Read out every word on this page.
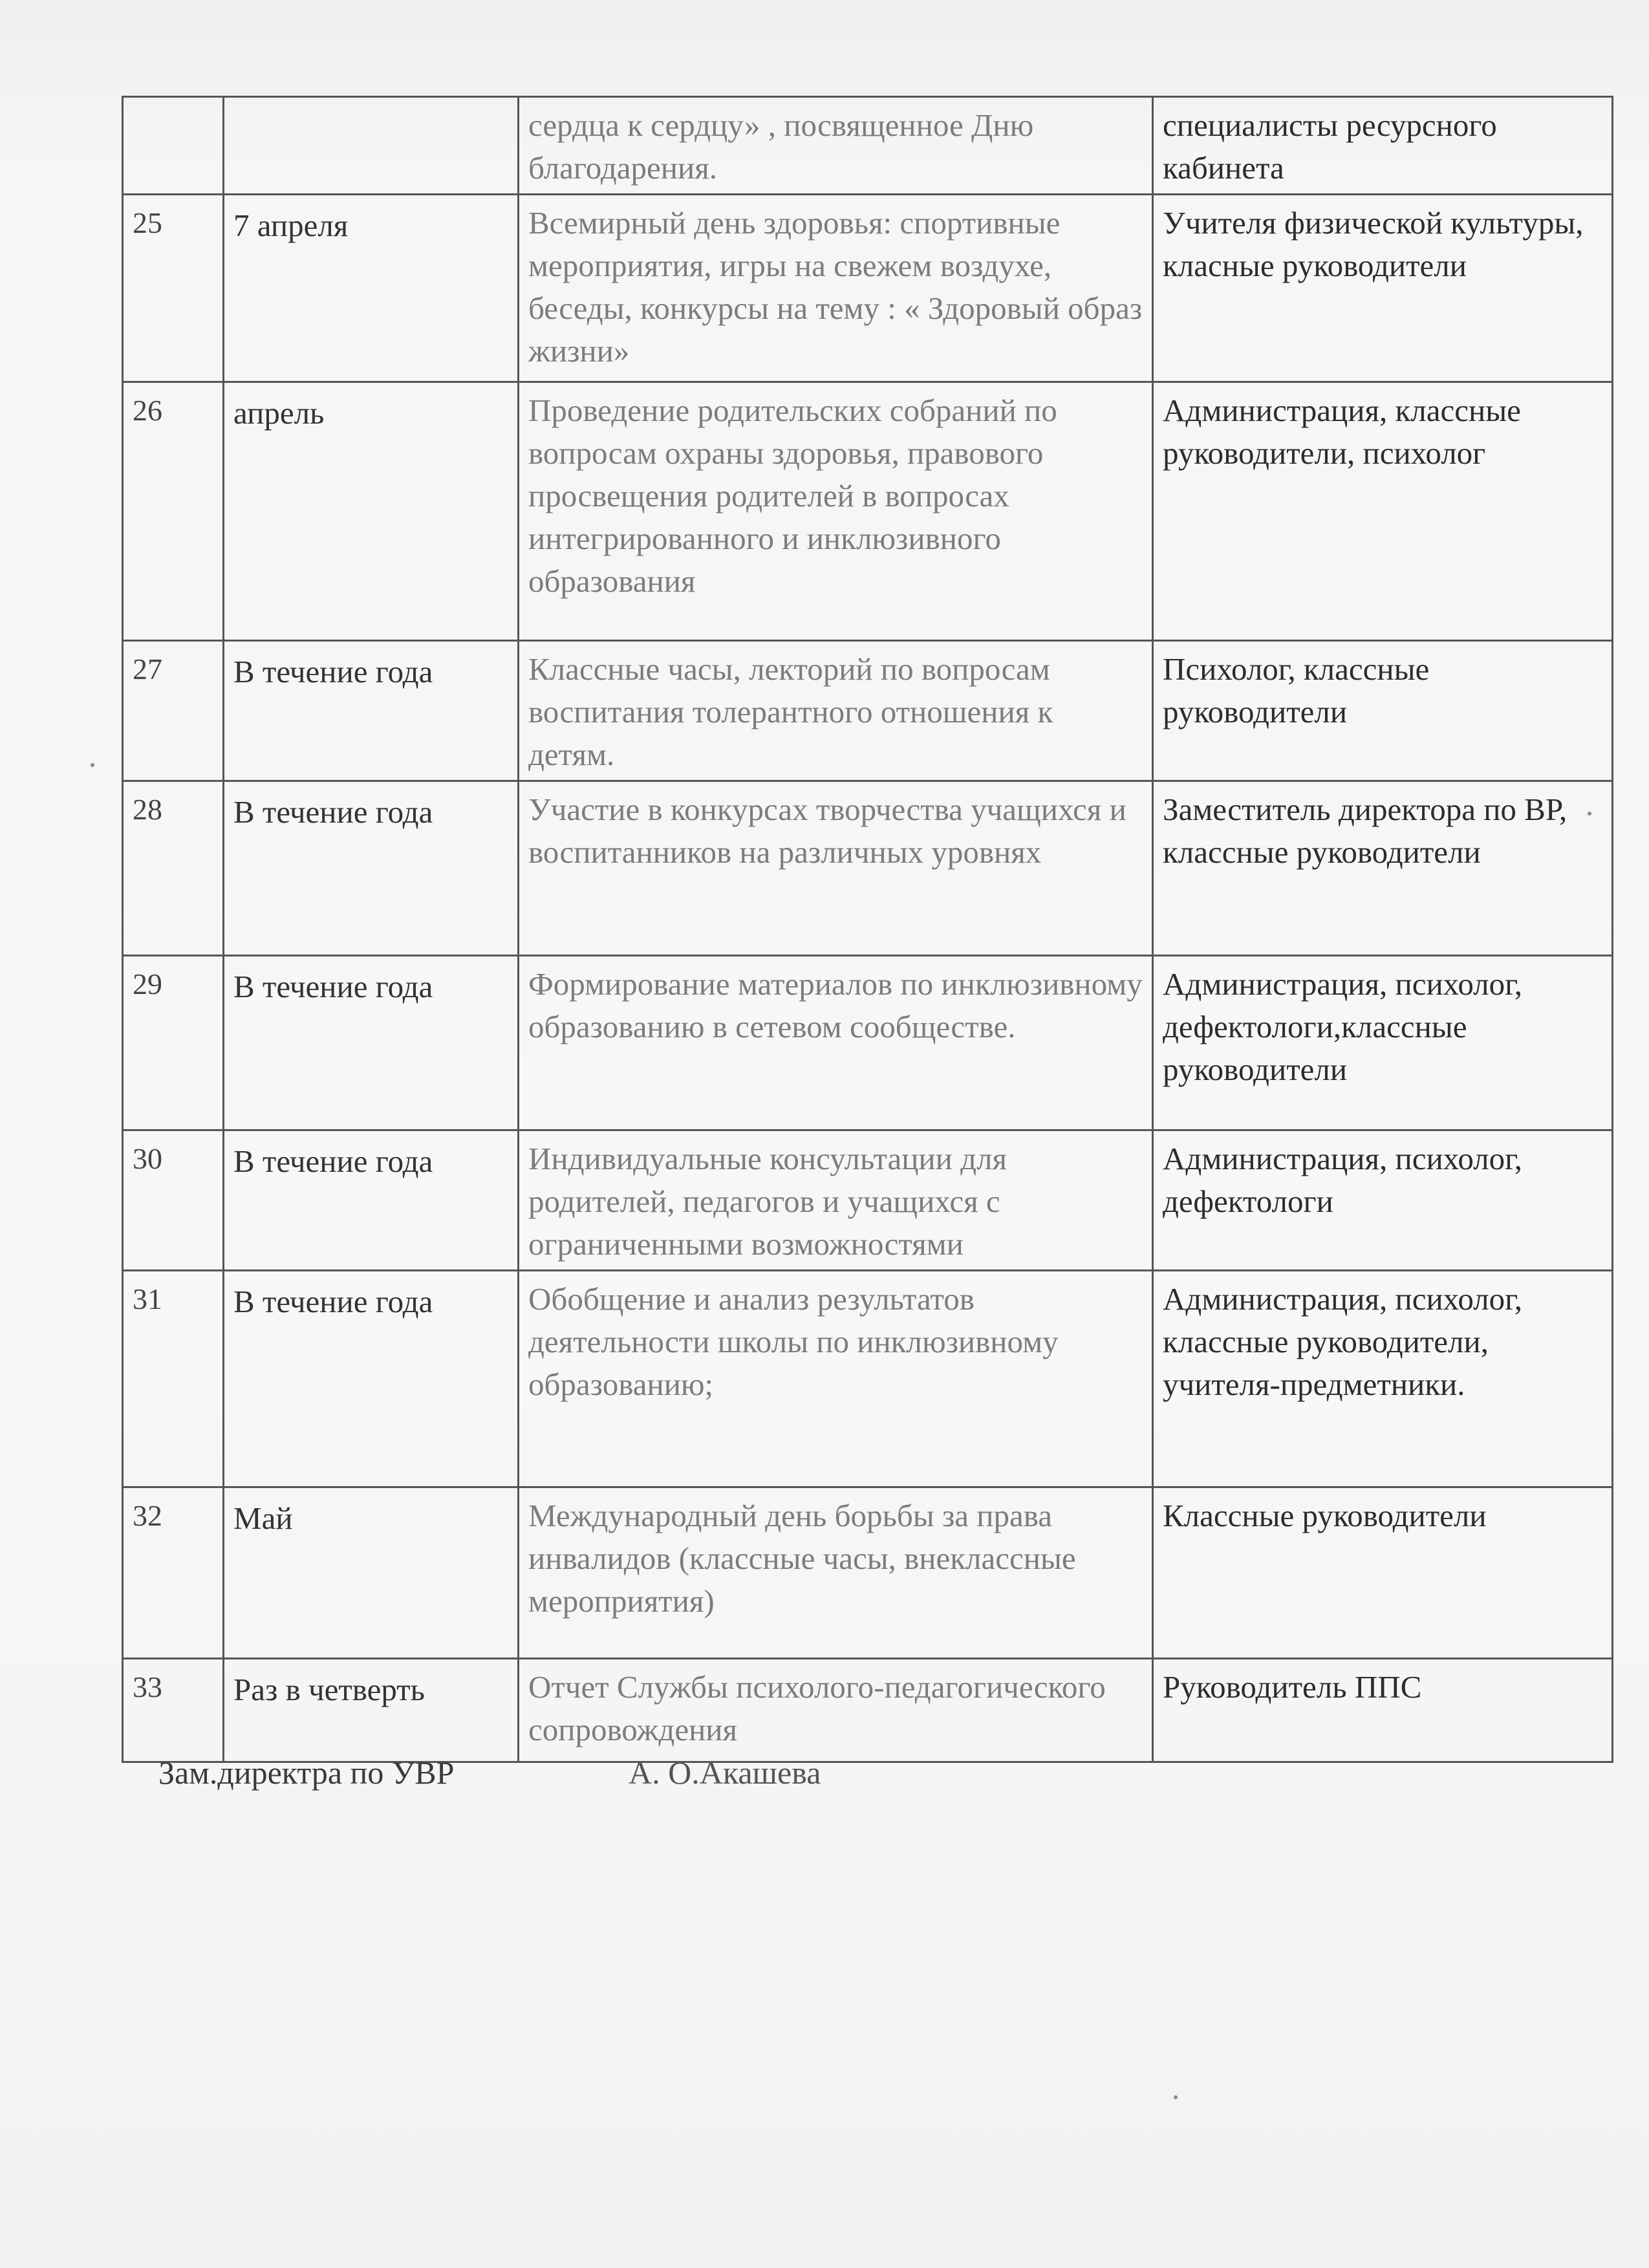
		сердца к сердцу» , посвященное Дню благодарения.	специалисты ресурсного кабинета
25	7 апреля	Всемирный день здоровья: спортивные мероприятия, игры на свежем воздухе, беседы, конкурсы на тему : « Здоровый образ жизни»	Учителя физической культуры, класные руководители
26	апрель	Проведение родительских собраний по вопросам охраны здоровья, правового просвещения родителей в вопросах интегрированного и инклюзивного образования	Администрация, классные руководители, психолог
27	В течение года	Классные часы, лекторий по вопросам воспитания толерантного отношения к детям.	Психолог, классные руководители
28	В течение года	Участие в конкурсах творчества учащихся и воспитанников на различных уровнях	Заместитель директора по ВР, классные руководители
29	В течение года	Формирование материалов по инклюзивному образованию в сетевом сообществе.	Администрация, психолог, дефектологи,классные руководители
30	В течение года	Индивидуальные консультации для родителей, педагогов и учащихся с ограниченными возможностями	Администрация, психолог, дефектологи
31	В течение года	Обобщение и анализ результатов деятельности школы по инклюзивному образованию;	Администрация, психолог, классные руководители, учителя-предметники.
32	Май	Международный день борьбы за права инвалидов (классные часы, внеклассные мероприятия)	Классные руководители
33	Раз в четверть	Отчет Службы психолого-педагогического сопровождения	Руководитель ППС
Зам.директра по УВР	А. О.Акашева
